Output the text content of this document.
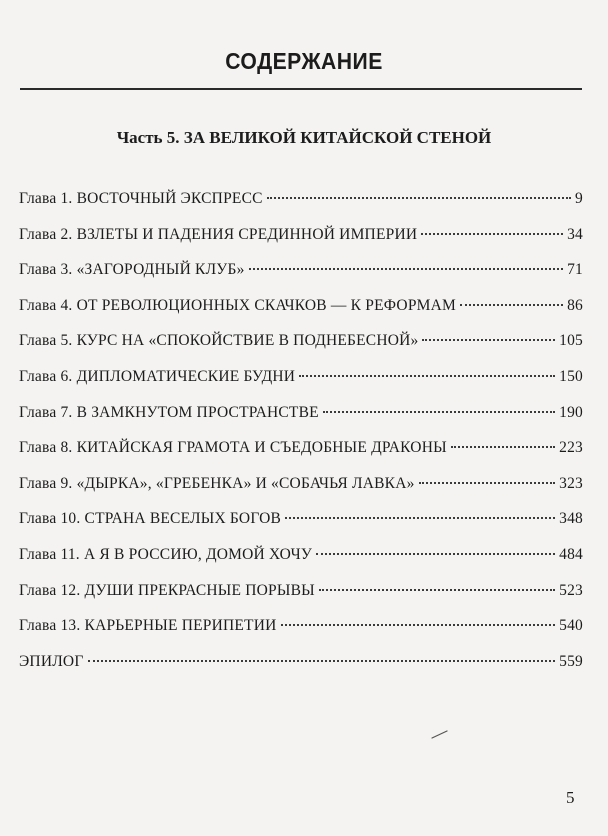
СОДЕРЖАНИЕ
Часть 5. ЗА ВЕЛИКОЙ КИТАЙСКОЙ СТЕНОЙ
Глава 1. ВОСТОЧНЫЙ ЭКСПРЕСС	9
Глава 2. ВЗЛЕТЫ И ПАДЕНИЯ СРЕДИННОЙ ИМПЕРИИ	34
Глава 3. «ЗАГОРОДНЫЙ КЛУБ»	71
Глава 4. ОТ РЕВОЛЮЦИОННЫХ СКАЧКОВ — К РЕФОРМАМ	86
Глава 5. КУРС НА «СПОКОЙСТВИЕ В ПОДНЕБЕСНОЙ»	105
Глава 6. ДИПЛОМАТИЧЕСКИЕ БУДНИ	150
Глава 7. В ЗАМКНУТОМ ПРОСТРАНСТВЕ	190
Глава 8. КИТАЙСКАЯ ГРАМОТА И СЪЕДОБНЫЕ ДРАКОНЫ	223
Глава 9. «ДЫРКА», «ГРЕБЕНКА» И «СОБАЧЬЯ ЛАВКА»	323
Глава 10. СТРАНА ВЕСЕЛЫХ БОГОВ	348
Глава 11. А Я В РОССИЮ, ДОМОЙ ХОЧУ	484
Глава 12. ДУШИ ПРЕКРАСНЫЕ ПОРЫВЫ	523
Глава 13. КАРЬЕРНЫЕ ПЕРИПЕТИИ	540
ЭПИЛОГ	559
5
